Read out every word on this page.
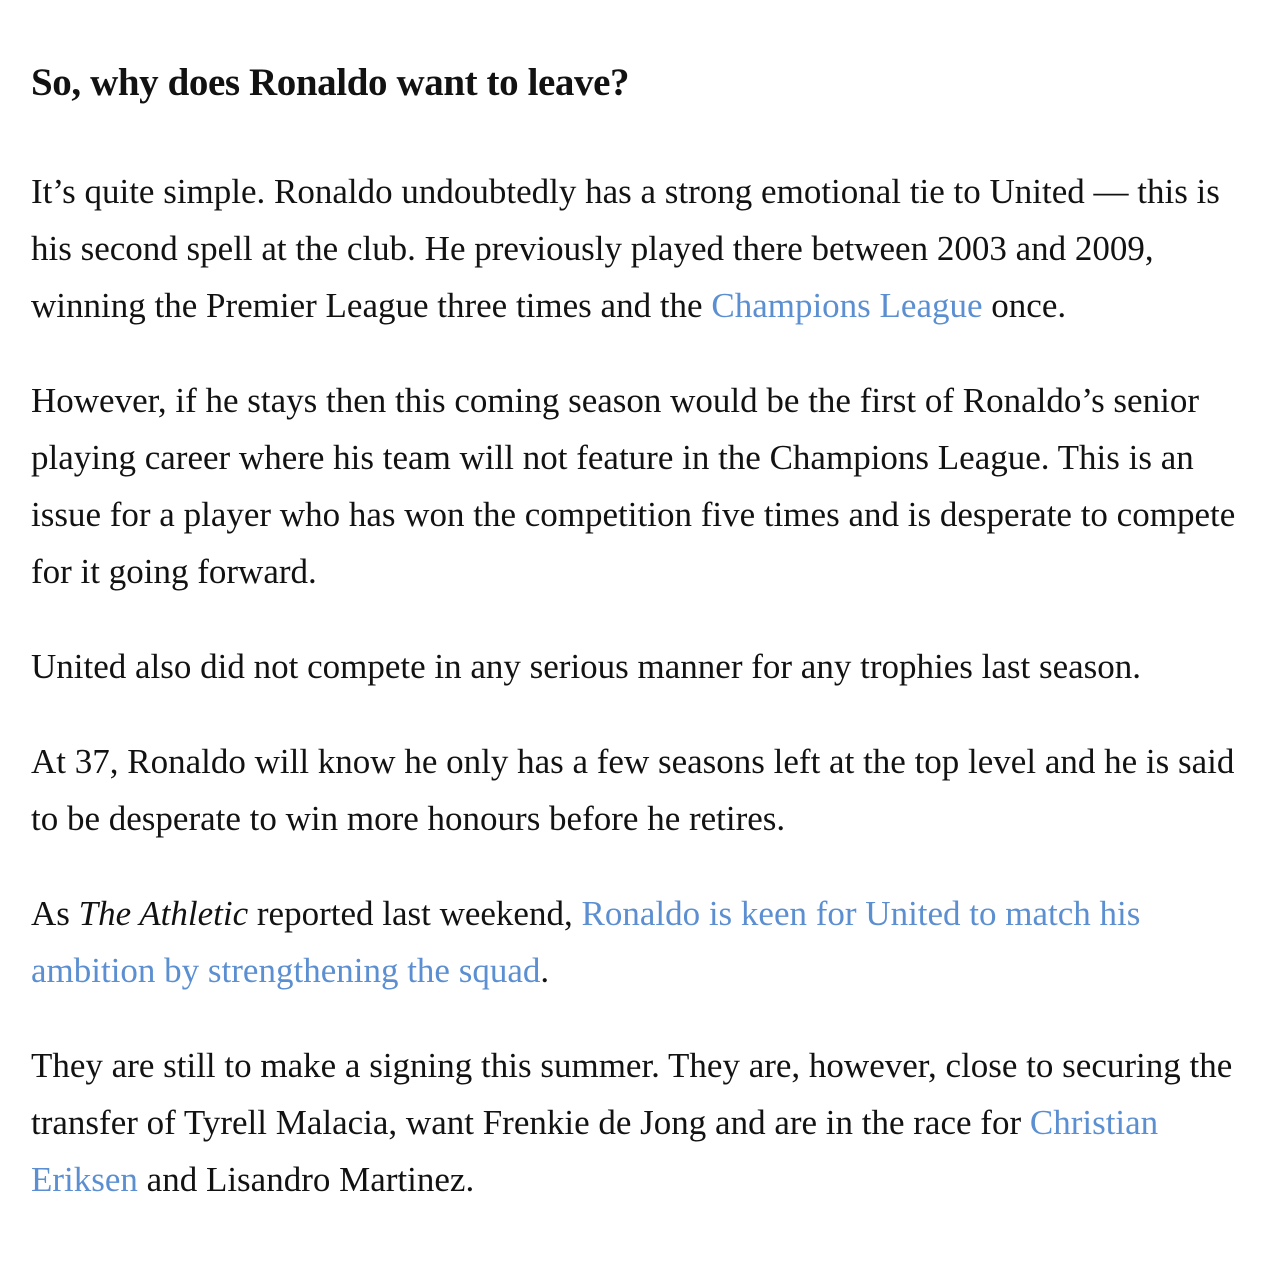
So, why does Ronaldo want to leave?

It’s quite simple. Ronaldo undoubtedly has a strong emotional tie to United — this is his second spell at the club. He previously played there between 2003 and 2009, winning the Premier League three times and the Champions League once.

However, if he stays then this coming season would be the first of Ronaldo’s senior playing career where his team will not feature in the Champions League. This is an issue for a player who has won the competition five times and is desperate to compete for it going forward.

United also did not compete in any serious manner for any trophies last season.

At 37, Ronaldo will know he only has a few seasons left at the top level and he is said to be desperate to win more honours before he retires.

As The Athletic reported last weekend, Ronaldo is keen for United to match his ambition by strengthening the squad.

They are still to make a signing this summer. They are, however, close to securing the transfer of Tyrell Malacia, want Frenkie de Jong and are in the race for Christian Eriksen and Lisandro Martinez.
